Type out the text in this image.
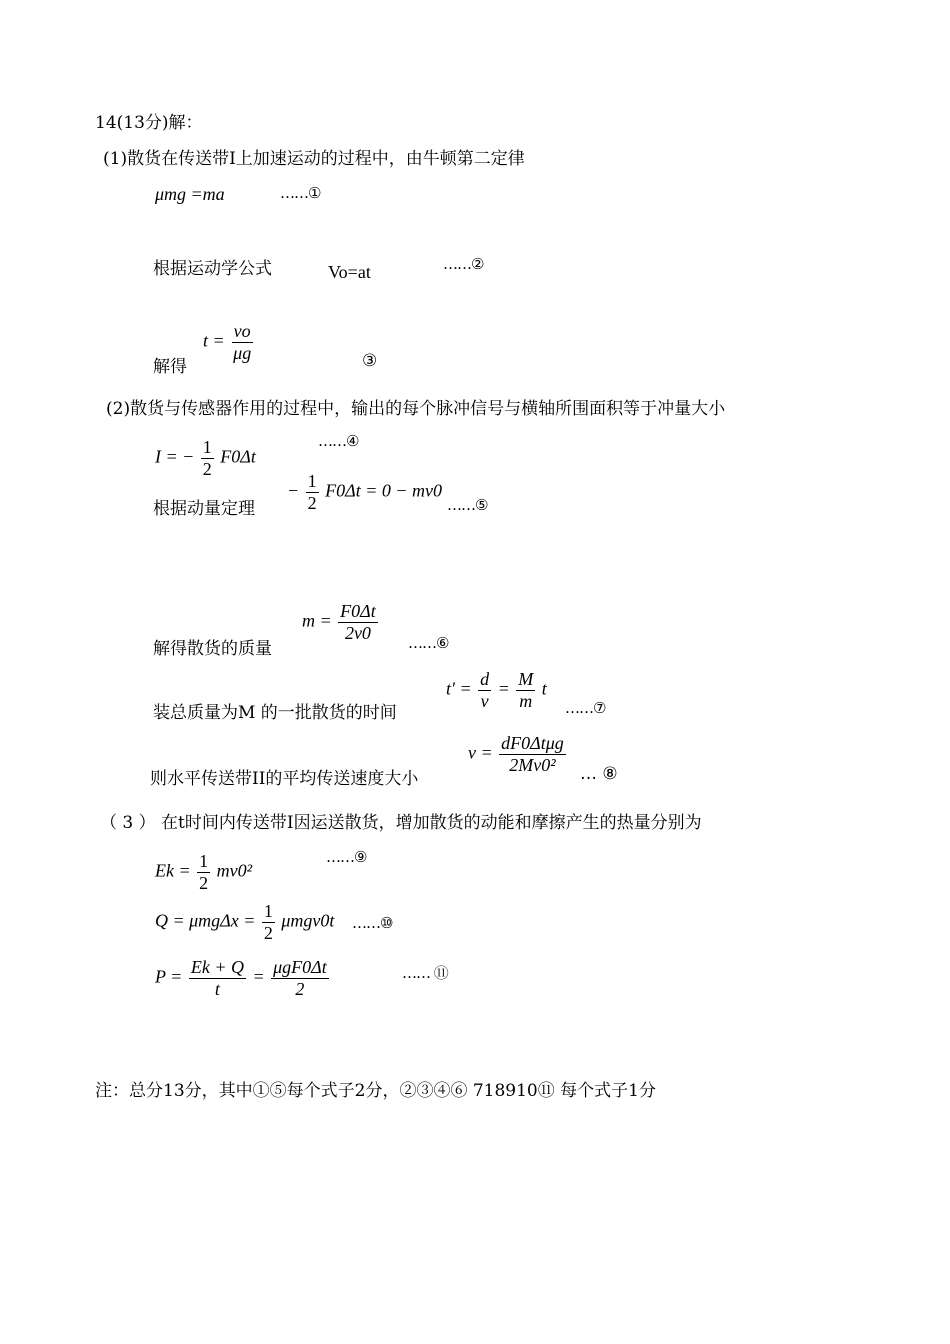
14(13分)解：
(1)散货在传送带I上加速运动的过程中，由牛顿第二定律
μmg =ma	……①
根据运动学公式	Vo=at	……②
解得
$t = \frac{vo}{\mu g}$	③
(2)散货与传感器作用的过程中，输出的每个脉冲信号与横轴所围面积等于冲量大小
……④
I = − $\frac{1}{2} F0\Delta t$
根据动量定理
− $\frac{1}{2} F0\Delta t = 0 - mv0$
……⑤
解得散货的质量
$m = \frac{F0\Delta t}{2v0}$
……⑥
装总质量为M 的一批散货的时间
$t' = \frac{d}{v} = \frac{M}{m}$ t
……⑦
则水平传送带II的平均传送速度大小
$v = \frac{\text{dF0Δtμg}}{\text{2Mv0²}}$ … ⑧
（ 3 ） 在t时间内传送带I因运送散货，增加散货的动能和摩擦产生的热量分别为
……⑨
$Ek = \frac{1}{2} mv0^2$
$Q = \mu mg\Delta x = \frac{1}{2} \mu mgv0t$ ……⑩
$P = \frac{Ek + Q}{t} = \frac{\text{μgF0Δt}}{2}$	…… ⑪
注：总分13分，其中①⑤每个式子2分，②③④⑥ 718910⑪ 每个式子1分
